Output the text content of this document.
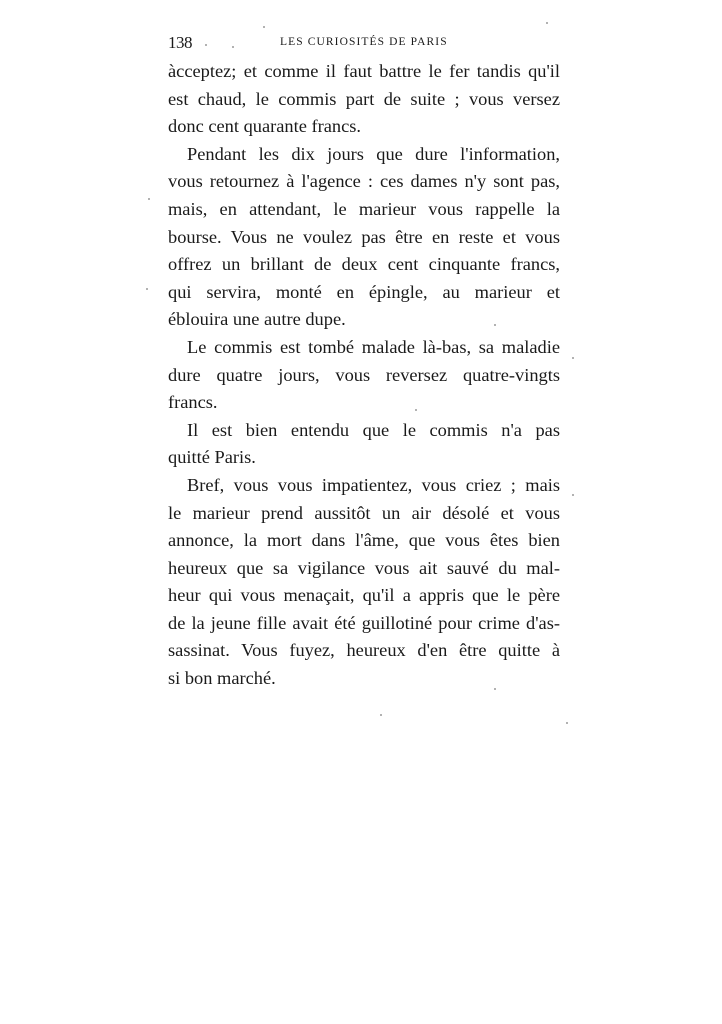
138	LES CURIOSITÉS DE PARIS
àcceptez; et comme il faut battre le fer tandis qu'il
est chaud, le commis part de suite ; vous versez
donc cent quarante francs.
Pendant les dix jours que dure l'information,
vous retournez à l'agence : ces dames n'y sont pas,
mais, en attendant, le marieur vous rappelle la
bourse. Vous ne voulez pas être en reste et vous
offrez un brillant de deux cent cinquante francs,
qui servira, monté en épingle, au marieur et
éblouira une autre dupe.
Le commis est tombé malade là-bas, sa maladie
dure quatre jours, vous reversez quatre-vingts
francs.
Il est bien entendu que le commis n'a pas
quitté Paris.
Bref, vous vous impatientez, vous criez ; mais
le marieur prend aussitôt un air désolé et vous
annonce, la mort dans l'âme, que vous êtes bien
heureux que sa vigilance vous ait sauvé du mal-
heur qui vous menaçait, qu'il a appris que le père
de la jeune fille avait été guillotiné pour crime d'as-
sassinat. Vous fuyez, heureux d'en être quitte à
si bon marché.
